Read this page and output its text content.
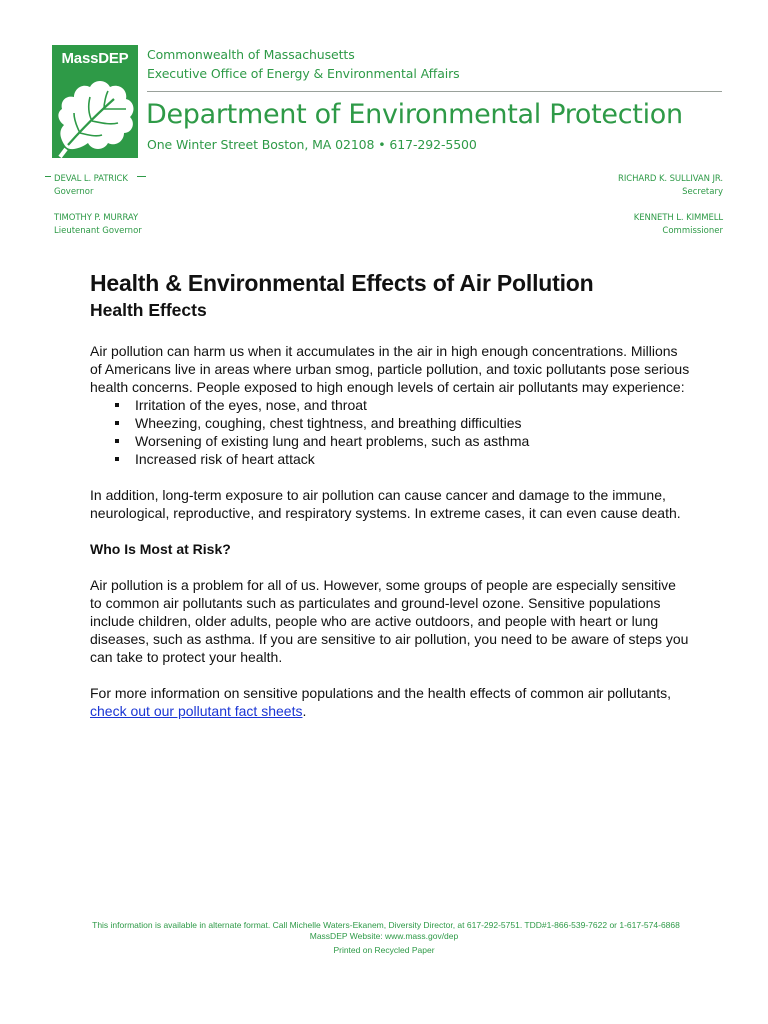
MassDEP	Commonwealth of Massachusetts
Executive Office of Energy & Environmental Affairs
Department of Environmental Protection
One Winter Street Boston, MA 02108 • 617-292-5500
DEVAL L. PATRICK
Governor
TIMOTHY P. MURRAY
Lieutenant Governor
RICHARD K. SULLIVAN JR.
Secretary
KENNETH L. KIMMELL
Commissioner
Health & Environmental Effects of Air Pollution
Health Effects

Air pollution can harm us when it accumulates in the air in high enough concentrations. Millions of Americans live in areas where urban smog, particle pollution, and toxic pollutants pose serious health concerns. People exposed to high enough levels of certain air pollutants may experience:

Irritation of the eyes, nose, and throat
Wheezing, coughing, chest tightness, and breathing difficulties
Worsening of existing lung and heart problems, such as asthma
Increased risk of heart attack

In addition, long-term exposure to air pollution can cause cancer and damage to the immune, neurological, reproductive, and respiratory systems. In extreme cases, it can even cause death.

Who Is Most at Risk?

Air pollution is a problem for all of us. However, some groups of people are especially sensitive to common air pollutants such as particulates and ground-level ozone. Sensitive populations include children, older adults, people who are active outdoors, and people with heart or lung diseases, such as asthma. If you are sensitive to air pollution, you need to be aware of steps you can take to protect your health.

For more information on sensitive populations and the health effects of common air pollutants, check out our pollutant fact sheets.

This information is available in alternate format. Call Michelle Waters-Ekanem, Diversity Director, at 617-292-5751. TDD#1-866-539-7622 or 1-617-574-6868
MassDEP Website: www.mass.gov/dep
Printed on Recycled Paper
